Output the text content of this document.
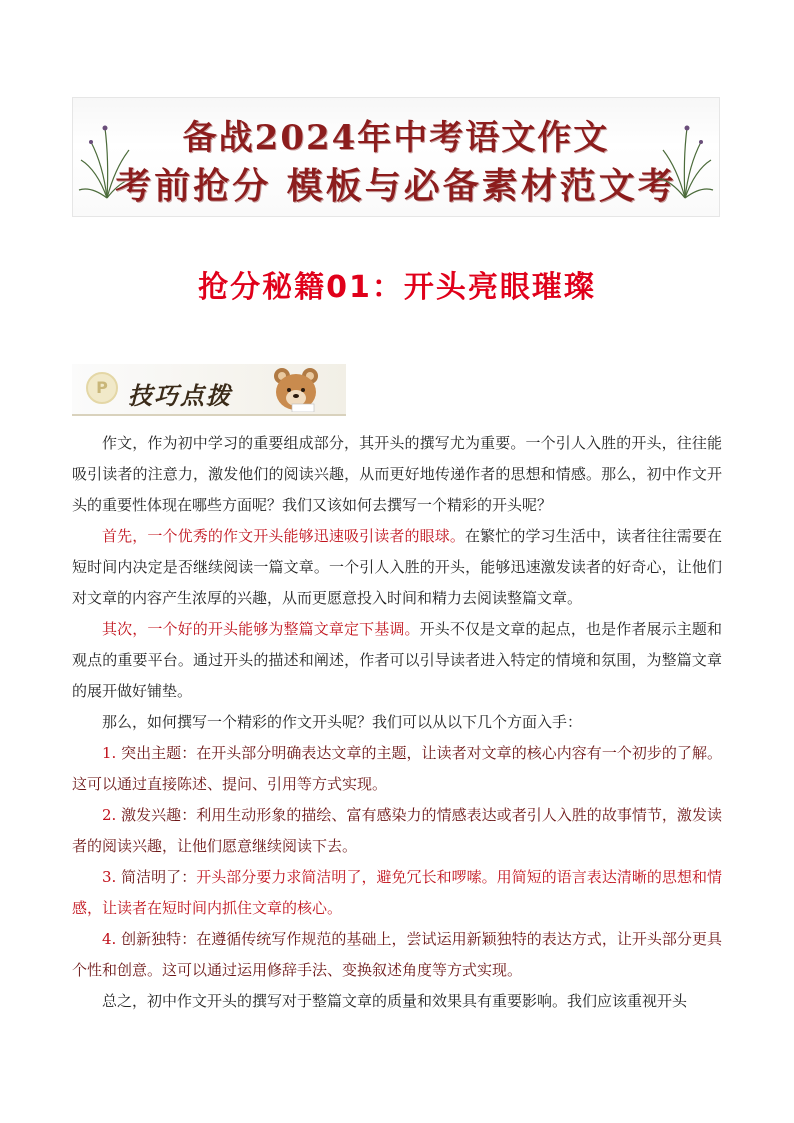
备战2024年中考语文作文
考前抢分 模板与必备素材范文考
抢分秘籍01：开头亮眼璀璨
P 技巧点拨

作文，作为初中学习的重要组成部分，其开头的撰写尤为重要。一个引人入胜的开头，往往能吸引读者的注意力，激发他们的阅读兴趣，从而更好地传递作者的思想和情感。那么，初中作文开头的重要性体现在哪些方面呢？我们又该如何去撰写一个精彩的开头呢？

首先，一个优秀的作文开头能够迅速吸引读者的眼球。在繁忙的学习生活中，读者往往需要在短时间内决定是否继续阅读一篇文章。一个引人入胜的开头，能够迅速激发读者的好奇心，让他们对文章的内容产生浓厚的兴趣，从而更愿意投入时间和精力去阅读整篇文章。

其次，一个好的开头能够为整篇文章定下基调。开头不仅是文章的起点，也是作者展示主题和观点的重要平台。通过开头的描述和阐述，作者可以引导读者进入特定的情境和氛围，为整篇文章的展开做好铺垫。

那么，如何撰写一个精彩的作文开头呢？我们可以从以下几个方面入手：

1. 突出主题：在开头部分明确表达文章的主题，让读者对文章的核心内容有一个初步的了解。这可以通过直接陈述、提问、引用等方式实现。

2. 激发兴趣：利用生动形象的描绘、富有感染力的情感表达或者引人入胜的故事情节，激发读者的阅读兴趣，让他们愿意继续阅读下去。

3. 简洁明了：开头部分要力求简洁明了，避免冗长和啰嗦。用简短的语言表达清晰的思想和情感，让读者在短时间内抓住文章的核心。

4. 创新独特：在遵循传统写作规范的基础上，尝试运用新颖独特的表达方式，让开头部分更具个性和创意。这可以通过运用修辞手法、变换叙述角度等方式实现。

总之，初中作文开头的撰写对于整篇文章的质量和效果具有重要影响。我们应该重视开头
